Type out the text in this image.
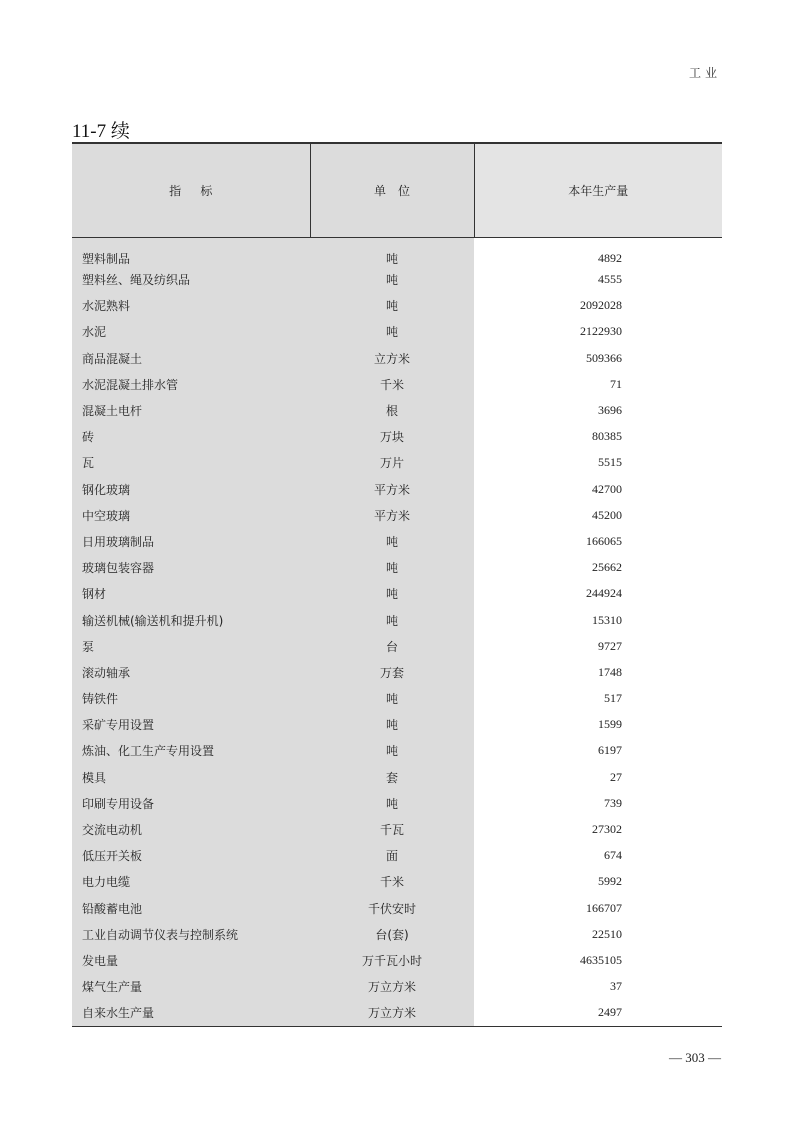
工业
11-7 续
指标	单位	本年生产量
塑料制品	吨	4892
塑料丝、绳及纺织品	吨	4555
水泥熟料	吨	2092028
水泥	吨	2122930
商品混凝土	立方米	509366
水泥混凝土排水管	千米	71
混凝土电杆	根	3696
砖	万块	80385
瓦	万片	5515
钢化玻璃	平方米	42700
中空玻璃	平方米	45200
日用玻璃制品	吨	166065
玻璃包装容器	吨	25662
钢材	吨	244924
输送机械(输送机和提升机)	吨	15310
泵	台	9727
滚动轴承	万套	1748
铸铁件	吨	517
采矿专用设置	吨	1599
炼油、化工生产专用设置	吨	6197
模具	套	27
印刷专用设备	吨	739
交流电动机	千瓦	27302
低压开关板	面	674
电力电缆	千米	5992
铅酸蓄电池	千伏安时	166707
工业自动调节仪表与控制系统	台(套)	22510
发电量	万千瓦小时	4635105
煤气生产量	万立方米	37
自来水生产量	万立方米	2497
— 303 —
